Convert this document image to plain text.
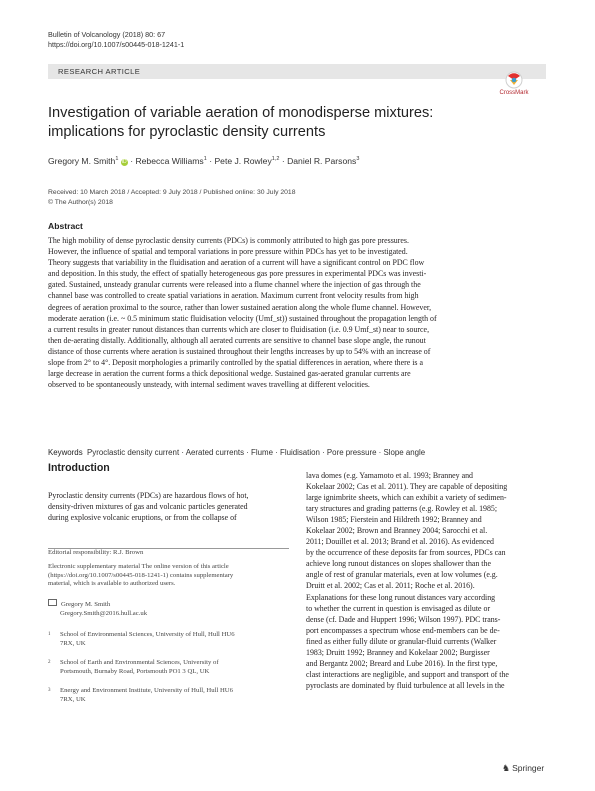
Bulletin of Volcanology (2018) 80: 67
https://doi.org/10.1007/s00445-018-1241-1
RESEARCH ARTICLE
CrossMark
Investigation of variable aeration of monodisperse mixtures:
implications for pyroclastic density currents
Gregory M. Smith$^1$ iD · Rebecca Williams$^1$ · Pete J. Rowley$^{1,2}$ · Daniel R. Parsons$^3$
Received: 10 March 2018 / Accepted: 9 July 2018 / Published online: 30 July 2018
© The Author(s) 2018
Abstract
The high mobility of dense pyroclastic density currents (PDCs) is commonly attributed to high gas pore pressures.
However, the influence of spatial and temporal variations in pore pressure within PDCs has yet to be investigated.
Theory suggests that variability in the fluidisation and aeration of a current will have a significant control on PDC flow
and deposition. In this study, the effect of spatially heterogeneous gas pore pressures in experimental PDCs was investi-
gated. Sustained, unsteady granular currents were released into a flume channel where the injection of gas through the
channel base was controlled to create spatial variations in aeration. Maximum current front velocity results from high
degrees of aeration proximal to the source, rather than lower sustained aeration along the whole flume channel. However,
moderate aeration (i.e. ~ 0.5 minimum static fluidisation velocity (Umf_st)) sustained throughout the propagation length of
a current results in greater runout distances than currents which are closer to fluidisation (i.e. 0.9 Umf_st) near to source,
then de-aerating distally. Additionally, although all aerated currents are sensitive to channel base slope angle, the runout
distance of those currents where aeration is sustained throughout their lengths increases by up to 54% with an increase of
slope from 2° to 4°. Deposit morphologies a primarily controlled by the spatial differences in aeration, where there is a
large decrease in aeration the current forms a thick depositional wedge. Sustained gas-aerated granular currents are
observed to be spontaneously unsteady, with internal sediment waves travelling at different velocities.
Keywords Pyroclastic density current · Aerated currents · Flume · Fluidisation · Pore pressure · Slope angle
Introduction
Pyroclastic density currents (PDCs) are hazardous flows of hot,
density-driven mixtures of gas and volcanic particles generated
during explosive volcanic eruptions, or from the collapse of
Editorial responsibility: R.J. Brown
Electronic supplementary material The online version of this article
(https://doi.org/10.1007/s00445-018-1241-1) contains supplementary
material, which is available to authorized users.
Gregory M. Smith
Gregory.Smith@2016.hull.ac.uk
1 School of Environmental Sciences, University of Hull, Hull HU6
7RX, UK
2 School of Earth and Environmental Sciences, University of
Portsmouth, Burnaby Road, Portsmouth PO1 3 QL, UK
3 Energy and Environment Institute, University of Hull, Hull HU6
7RX, UK
lava domes (e.g. Yamamoto et al. 1993; Branney and
Kokelaar 2002; Cas et al. 2011). They are capable of depositing
large ignimbrite sheets, which can exhibit a variety of sedimen-
tary structures and grading patterns (e.g. Rowley et al. 1985;
Wilson 1985; Fierstein and Hildreth 1992; Branney and
Kokelaar 2002; Brown and Branney 2004; Sarocchi et al.
2011; Douillet et al. 2013; Brand et al. 2016). As evidenced
by the occurrence of these deposits far from sources, PDCs can
achieve long runout distances on slopes shallower than the
angle of rest of granular materials, even at low volumes (e.g.
Druitt et al. 2002; Cas et al. 2011; Roche et al. 2016).
Explanations for these long runout distances vary according
to whether the current in question is envisaged as dilute or
dense (cf. Dade and Huppert 1996; Wilson 1997). PDC trans-
port encompasses a spectrum whose end-members can be de-
fined as either fully dilute or granular-fluid currents (Walker
1983; Druitt 1992; Branney and Kokelaar 2002; Burgisser
and Bergantz 2002; Breard and Lube 2016). In the first type,
clast interactions are negligible, and support and transport of the
pyroclasts are dominated by fluid turbulence at all levels in the
♞ Springer
